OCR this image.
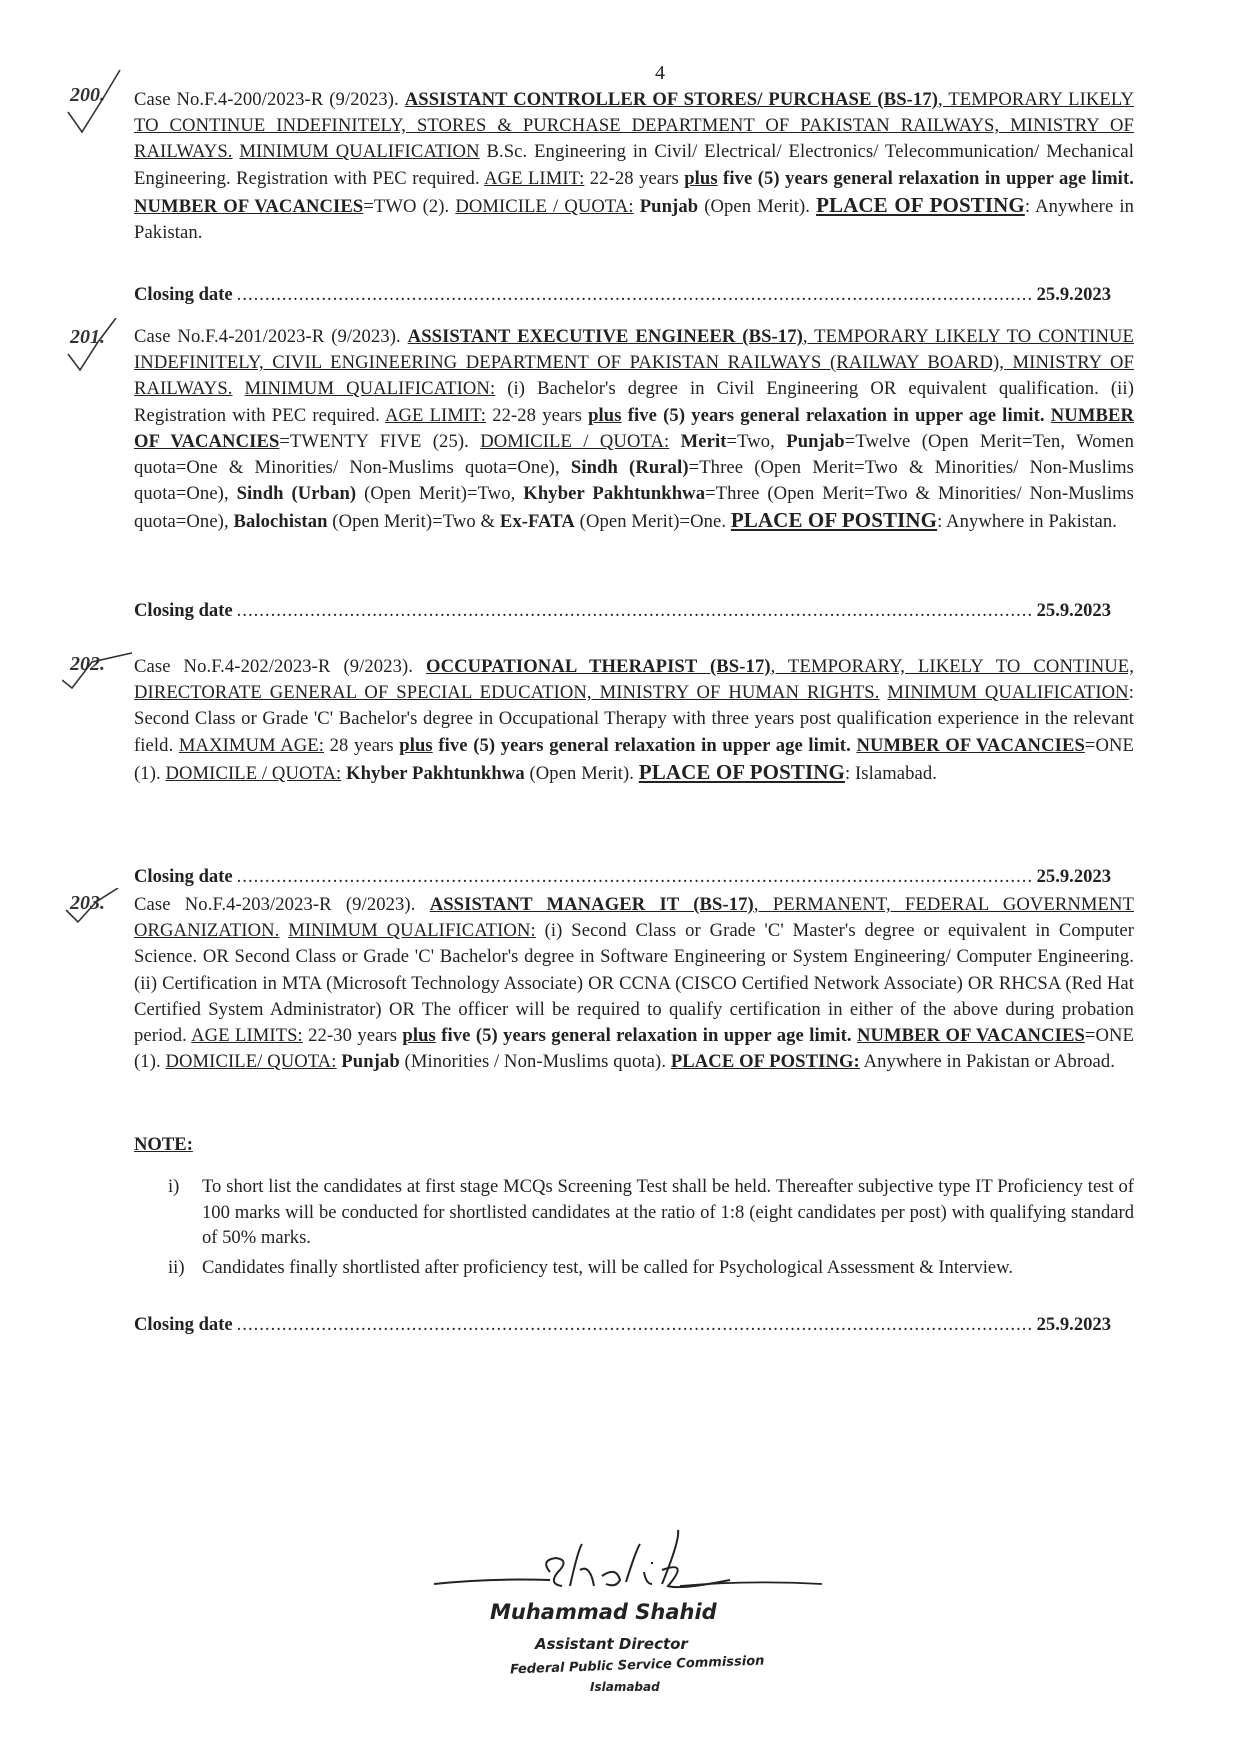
4
200. Case No.F.4-200/2023-R (9/2023). ASSISTANT CONTROLLER OF STORES/ PURCHASE (BS-17), TEMPORARY LIKELY TO CONTINUE INDEFINITELY, STORES & PURCHASE DEPARTMENT OF PAKISTAN RAILWAYS, MINISTRY OF RAILWAYS. MINIMUM QUALIFICATION B.Sc. Engineering in Civil/ Electrical/ Electronics/ Telecommunication/ Mechanical Engineering. Registration with PEC required. AGE LIMIT: 22-28 years plus five (5) years general relaxation in upper age limit. NUMBER OF VACANCIES=TWO (2). DOMICILE / QUOTA: Punjab (Open Merit). PLACE OF POSTING: Anywhere in Pakistan.
Closing date .....	25.9.2023
201. Case No.F.4-201/2023-R (9/2023). ASSISTANT EXECUTIVE ENGINEER (BS-17), TEMPORARY LIKELY TO CONTINUE INDEFINITELY, CIVIL ENGINEERING DEPARTMENT OF PAKISTAN RAILWAYS (RAILWAY BOARD), MINISTRY OF RAILWAYS. MINIMUM QUALIFICATION: (i) Bachelor's degree in Civil Engineering OR equivalent qualification. (ii) Registration with PEC required. AGE LIMIT: 22-28 years plus five (5) years general relaxation in upper age limit. NUMBER OF VACANCIES=TWENTY FIVE (25). DOMICILE / QUOTA: Merit=Two, Punjab=Twelve (Open Merit=Ten, Women quota=One & Minorities/ Non-Muslims quota=One), Sindh (Rural)=Three (Open Merit=Two & Minorities/ Non-Muslims quota=One), Sindh (Urban) (Open Merit)=Two, Khyber Pakhtunkhwa=Three (Open Merit=Two & Minorities/ Non-Muslims quota=One), Balochistan (Open Merit)=Two & Ex-FATA (Open Merit)=One. PLACE OF POSTING: Anywhere in Pakistan.
Closing date .....	25.9.2023
202. Case No.F.4-202/2023-R (9/2023). OCCUPATIONAL THERAPIST (BS-17), TEMPORARY, LIKELY TO CONTINUE, DIRECTORATE GENERAL OF SPECIAL EDUCATION, MINISTRY OF HUMAN RIGHTS. MINIMUM QUALIFICATION: Second Class or Grade 'C' Bachelor's degree in Occupational Therapy with three years post qualification experience in the relevant field. MAXIMUM AGE: 28 years plus five (5) years general relaxation in upper age limit. NUMBER OF VACANCIES=ONE (1). DOMICILE / QUOTA: Khyber Pakhtunkhwa (Open Merit). PLACE OF POSTING: Islamabad.
Closing date .....	25.9.2023
203. Case No.F.4-203/2023-R (9/2023). ASSISTANT MANAGER IT (BS-17), PERMANENT, FEDERAL GOVERNMENT ORGANIZATION. MINIMUM QUALIFICATION: (i) Second Class or Grade 'C' Master's degree or equivalent in Computer Science. OR Second Class or Grade 'C' Bachelor's degree in Software Engineering or System Engineering/ Computer Engineering. (ii) Certification in MTA (Microsoft Technology Associate) OR CCNA (CISCO Certified Network Associate) OR RHCSA (Red Hat Certified System Administrator) OR The officer will be required to qualify certification in either of the above during probation period. AGE LIMITS: 22-30 years plus five (5) years general relaxation in upper age limit. NUMBER OF VACANCIES=ONE (1). DOMICILE/ QUOTA: Punjab (Minorities / Non-Muslims quota). PLACE OF POSTING: Anywhere in Pakistan or Abroad.
NOTE:
i) To short list the candidates at first stage MCQs Screening Test shall be held. Thereafter subjective type IT Proficiency test of 100 marks will be conducted for shortlisted candidates at the ratio of 1:8 (eight candidates per post) with qualifying standard of 50% marks.
ii) Candidates finally shortlisted after proficiency test, will be called for Psychological Assessment & Interview.
Closing date .....	25.9.2023
Shahid
Muhammad Shahid
Assistant Director
Federal Public Service Commission
Islamabad
